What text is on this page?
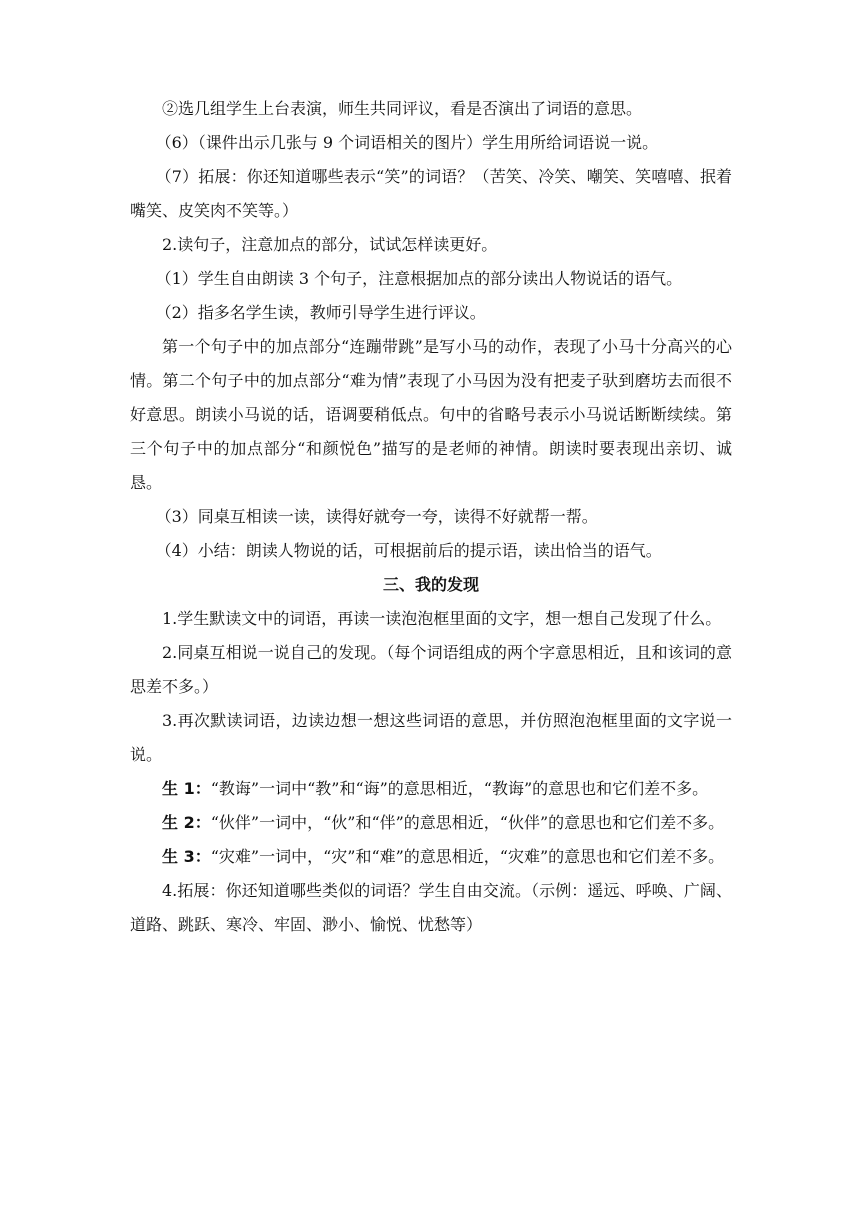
②选几组学生上台表演，师生共同评议，看是否演出了词语的意思。

（6）（课件出示几张与 9 个词语相关的图片）学生用所给词语说一说。

（7）拓展：你还知道哪些表示“笑”的词语？（苦笑、冷笑、嘲笑、笑嘻嘻、抿着嘴笑、皮笑肉不笑等。）

2.读句子，注意加点的部分，试试怎样读更好。

（1）学生自由朗读 3 个句子，注意根据加点的部分读出人物说话的语气。

（2）指多名学生读，教师引导学生进行评议。

第一个句子中的加点部分“连蹦带跳”是写小马的动作，表现了小马十分高兴的心情。第二个句子中的加点部分“难为情”表现了小马因为没有把麦子驮到磨坊去而很不好意思。朗读小马说的话，语调要稍低点。句中的省略号表示小马说话断断续续。第三个句子中的加点部分“和颜悦色”描写的是老师的神情。朗读时要表现出亲切、诚恳。

（3）同桌互相读一读，读得好就夸一夸，读得不好就帮一帮。

（4）小结：朗读人物说的话，可根据前后的提示语，读出恰当的语气。

三、我的发现

1.学生默读文中的词语，再读一读泡泡框里面的文字，想一想自己发现了什么。

2.同桌互相说一说自己的发现。（每个词语组成的两个字意思相近，且和该词的意思差不多。）

3.再次默读词语，边读边想一想这些词语的意思，并仿照泡泡框里面的文字说一说。

生 1：“教诲”一词中“教”和“诲”的意思相近，“教诲”的意思也和它们差不多。

生 2：“伙伴”一词中，“伙”和“伴”的意思相近，“伙伴”的意思也和它们差不多。

生 3：“灾难”一词中，“灾”和“难”的意思相近，“灾难”的意思也和它们差不多。

4.拓展：你还知道哪些类似的词语？学生自由交流。（示例：遥远、呼唤、广阔、道路、跳跃、寒冷、牢固、渺小、愉悦、忧愁等）
